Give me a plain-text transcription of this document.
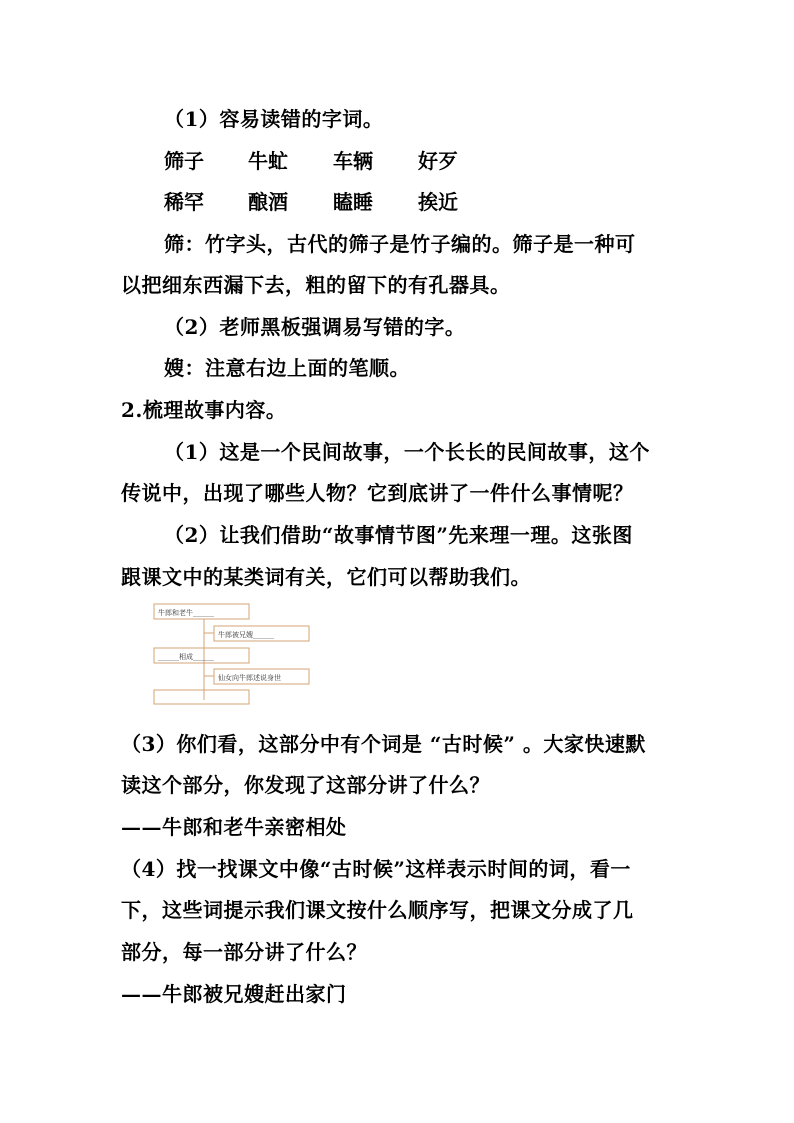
（1）容易读错的字词。
筛子 牛虻 车辆 好歹
稀罕 酿酒 瞌睡 挨近
筛：竹字头，古代的筛子是竹子编的。筛子是一种可
以把细东西漏下去，粗的留下的有孔器具。
（2）老师黑板强调易写错的字。
嫂：注意右边上面的笔顺。
2.梳理故事内容。
（1）这是一个民间故事，一个长长的民间故事，这个
传说中，出现了哪些人物？它到底讲了一件什么事情呢？
（2）让我们借助“故事情节图”先来理一理。这张图
跟课文中的某类词有关，它们可以帮助我们。
牛郎和老牛______
牛郎被兄嫂______
______相成______
仙女向牛郎述说身世
（3）你们看，这部分中有个词是 “古时候” 。大家快速默
读这个部分，你发现了这部分讲了什么？
——牛郎和老牛亲密相处
（4）找一找课文中像“古时候”这样表示时间的词，看一
下，这些词提示我们课文按什么顺序写，把课文分成了几
部分，每一部分讲了什么？
——牛郎被兄嫂赶出家门
